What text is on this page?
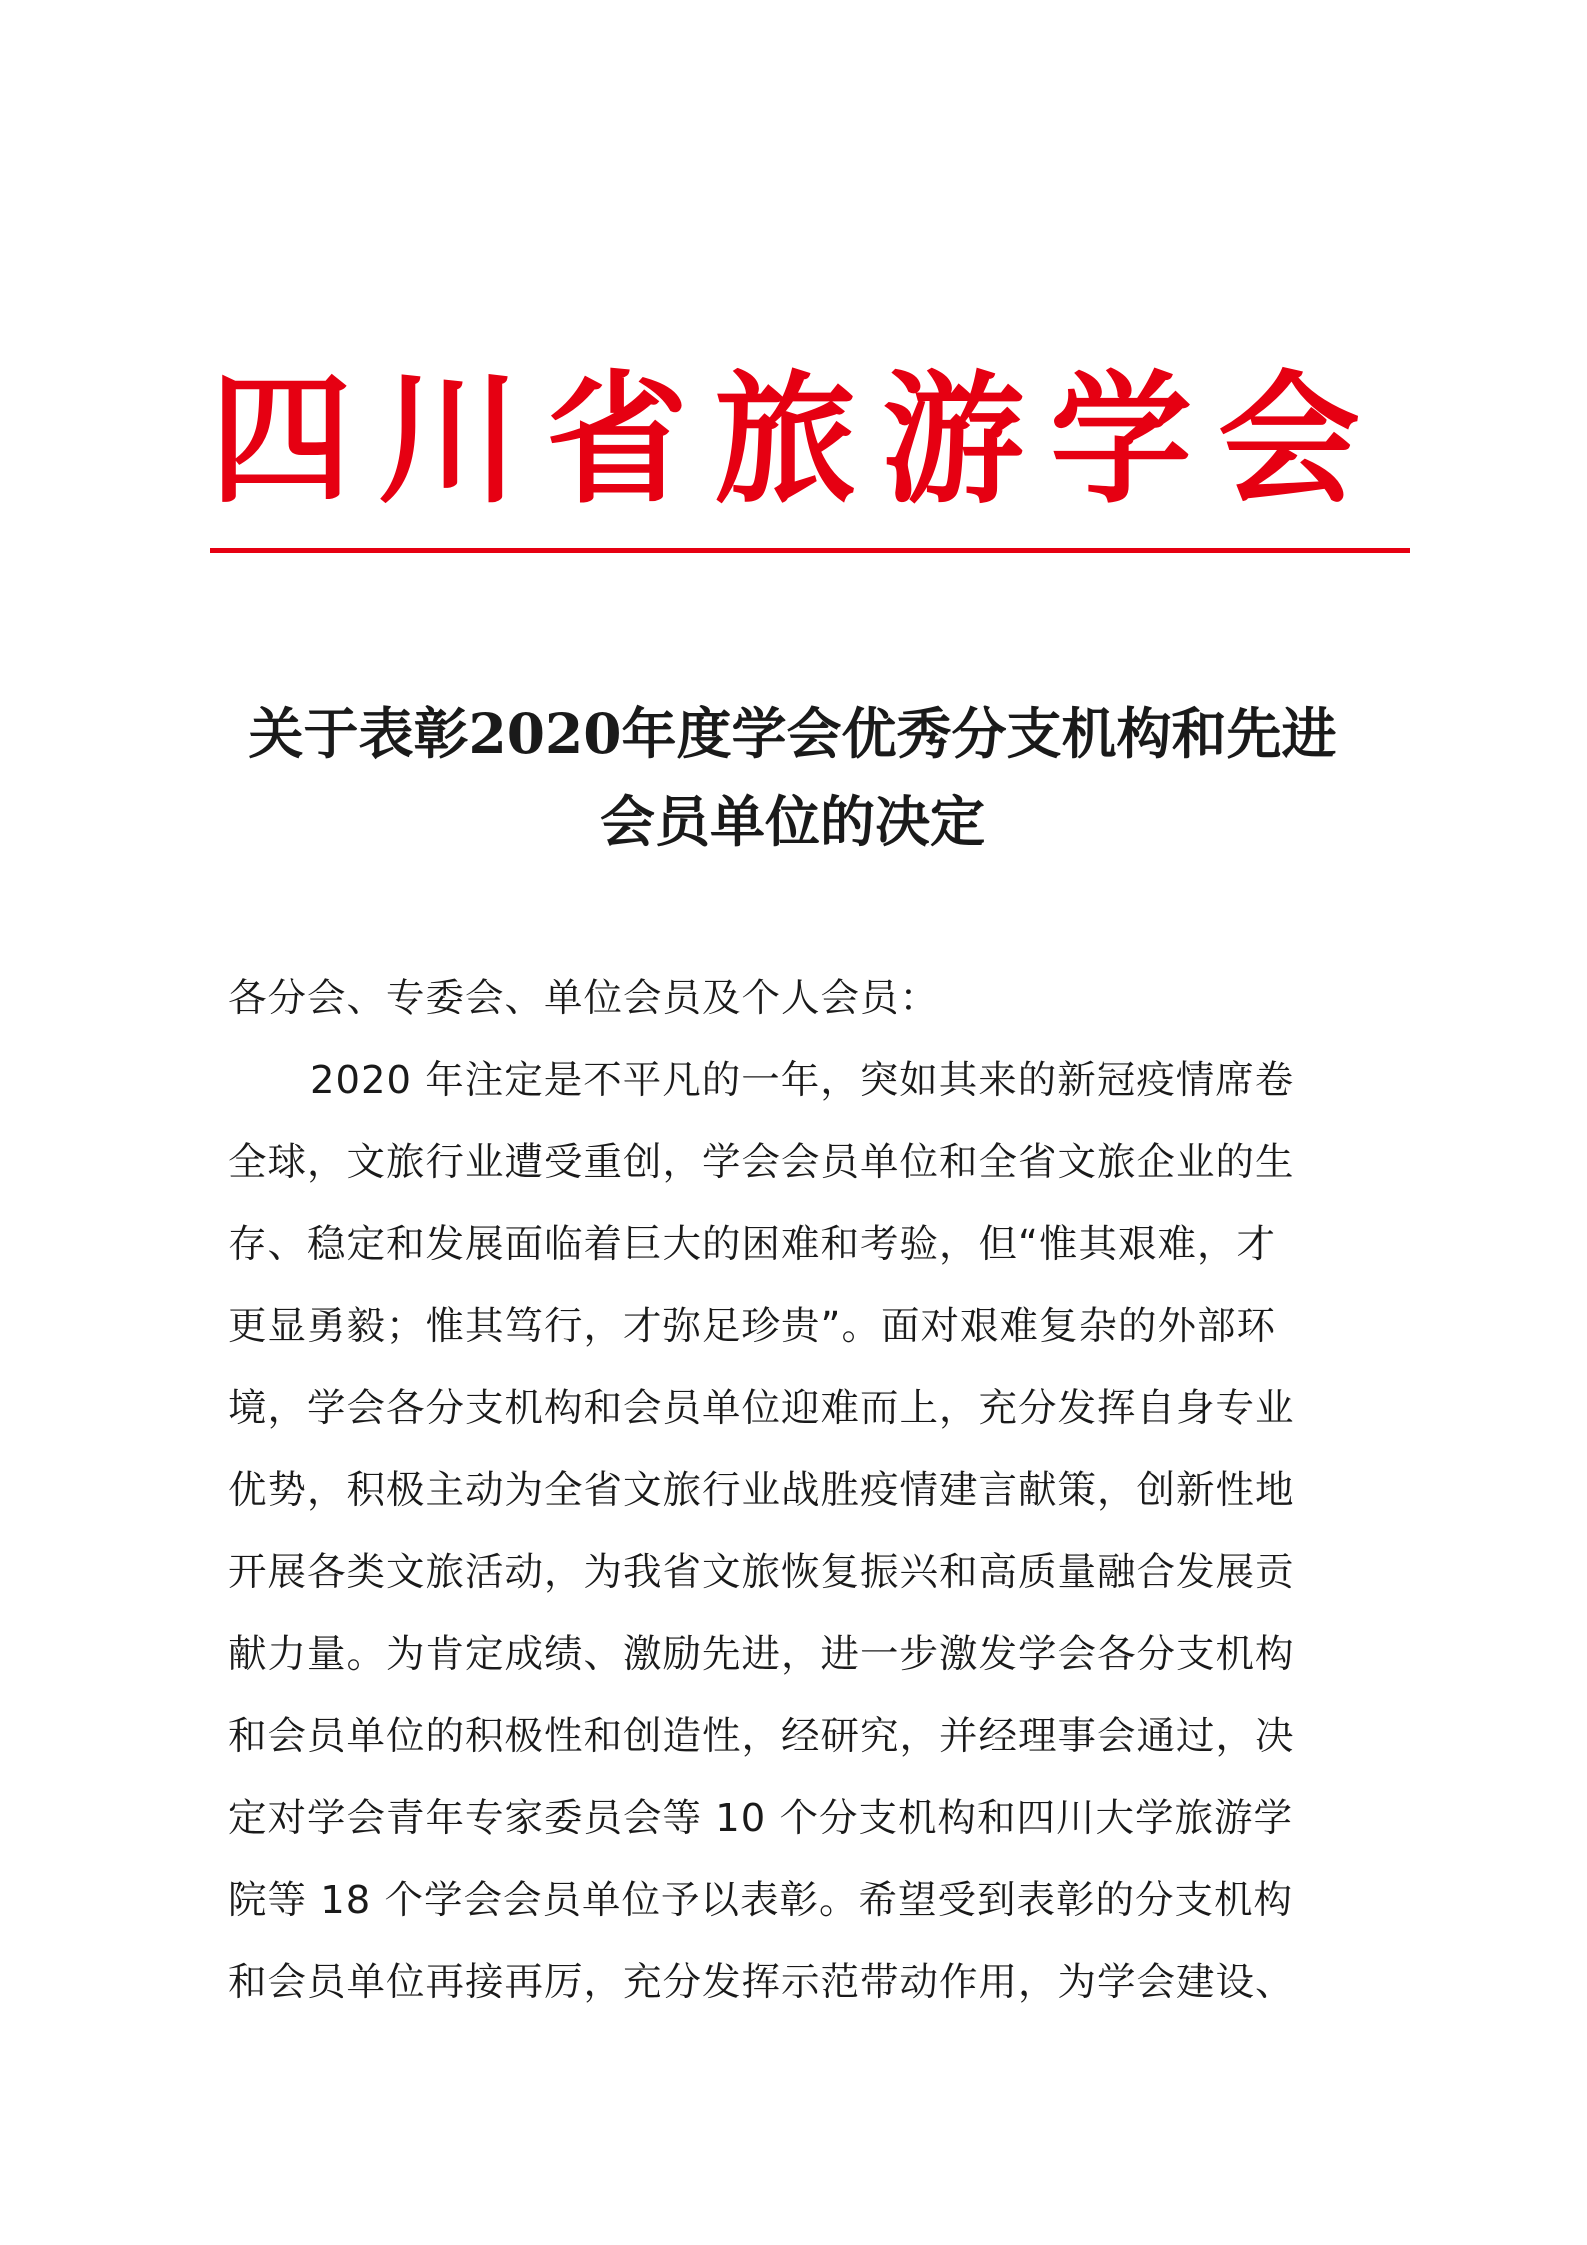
四 川 省 旅 游 学 会
关于表彰2020年度学会优秀分支机构和先进
会员单位的决定

各分会、专委会、单位会员及个人会员：

2020 年注定是不平凡的一年，突如其来的新冠疫情席卷

全球，文旅行业遭受重创，学会会员单位和全省文旅企业的生

存、稳定和发展面临着巨大的困难和考验，但“惟其艰难，才

更显勇毅；惟其笃行，才弥足珍贵”。面对艰难复杂的外部环

境，学会各分支机构和会员单位迎难而上，充分发挥自身专业

优势，积极主动为全省文旅行业战胜疫情建言献策，创新性地

开展各类文旅活动，为我省文旅恢复振兴和高质量融合发展贡

献力量。为肯定成绩、激励先进，进一步激发学会各分支机构

和会员单位的积极性和创造性，经研究，并经理事会通过，决

定对学会青年专家委员会等 10 个分支机构和四川大学旅游学

院等 18 个学会会员单位予以表彰。希望受到表彰的分支机构

和会员单位再接再厉，充分发挥示范带动作用，为学会建设、
